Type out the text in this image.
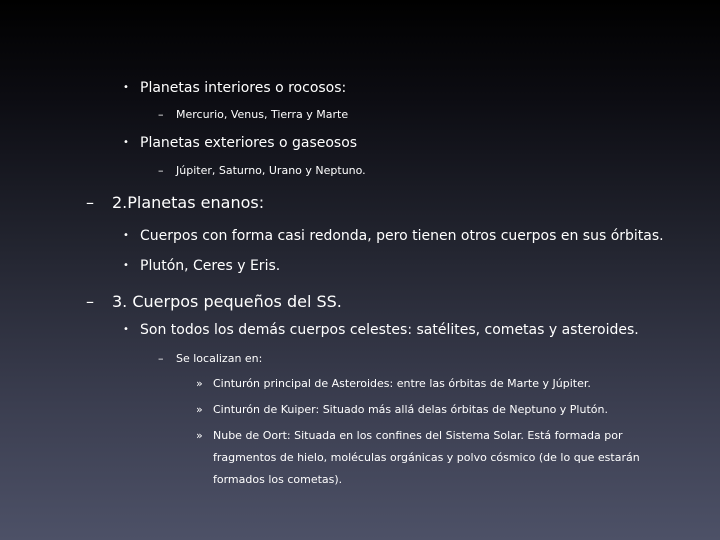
• Planetas interiores o rocosos:
– Mercurio, Venus, Tierra y Marte
• Planetas exteriores o gaseosos
– Júpiter, Saturno, Urano y Neptuno.
– 2.Planetas enanos:
• Cuerpos con forma casi redonda, pero tienen otros cuerpos en sus órbitas.
• Plutón, Ceres y Eris.
– 3. Cuerpos pequeños del SS.
• Son todos los demás cuerpos celestes: satélites, cometas y asteroides.
– Se localizan en:
» Cinturón principal de Asteroides: entre las órbitas de Marte y Júpiter.
» Cinturón de Kuiper: Situado más allá delas órbitas de Neptuno y Plutón.
» Nube de Oort: Situada en los confines del Sistema Solar. Está formada por fragmentos de hielo, moléculas orgánicas y polvo cósmico (de lo que estarán formados los cometas).
